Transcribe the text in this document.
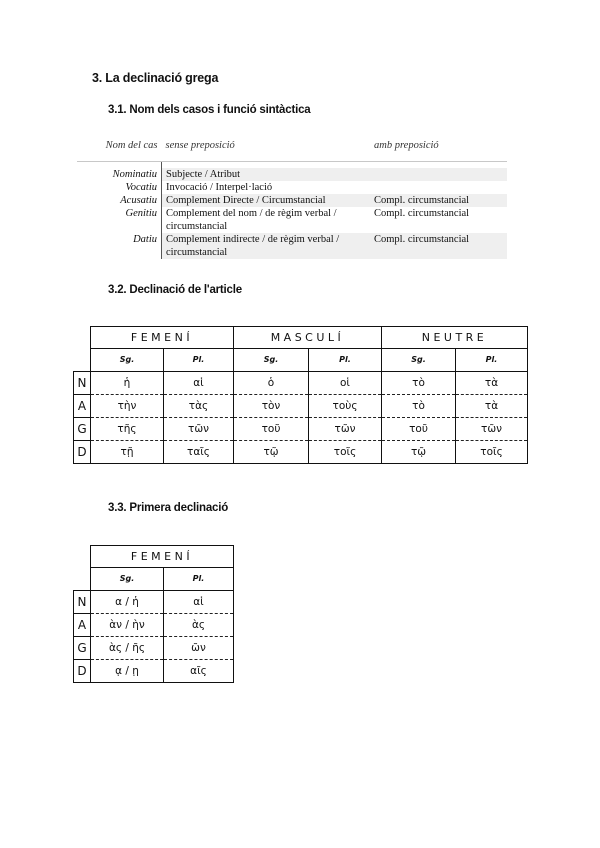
3. La declinació grega
3.1. Nom dels casos i funció sintàctica
Nom del cas	sense preposició	amb preposició

Nominatiu	Subjecte / Atribut	
Vocatiu	Invocació / Interpel·lació	
Acusatiu	Complement Directe / Circumstancial	Compl. circumstancial
Genitiu	Complement del nom / de règim verbal / circumstancial	Compl. circumstancial
Datiu	Complement indirecte / de règim verbal / circumstancial	Compl. circumstancial
3.2. Declinació de l'article
	FEMENÍ		MASCULÍ		NEUTRE	
	Sg.	Pl.	Sg.	Pl.	Sg.	Pl.
N	ἡ	αἱ	ὁ	οἱ	τὸ	τὰ
A	τὴν	τὰς	τὸν	τοὺς	τὸ	τὰ
G	τῆς	τῶν	τοῦ	τῶν	τοῦ	τῶν
D	τῇ	ταῖς	τῷ	τοῖς	τῷ	τοῖς
3.3. Primera declinació
	FEMENÍ	
	Sg.	Pl.
N	α / ἡ	αἱ
A	ὰν / ὴν	ὰς
G	ὰς / ῆς	ῶν
D	ᾳ / ῃ	αῖς
